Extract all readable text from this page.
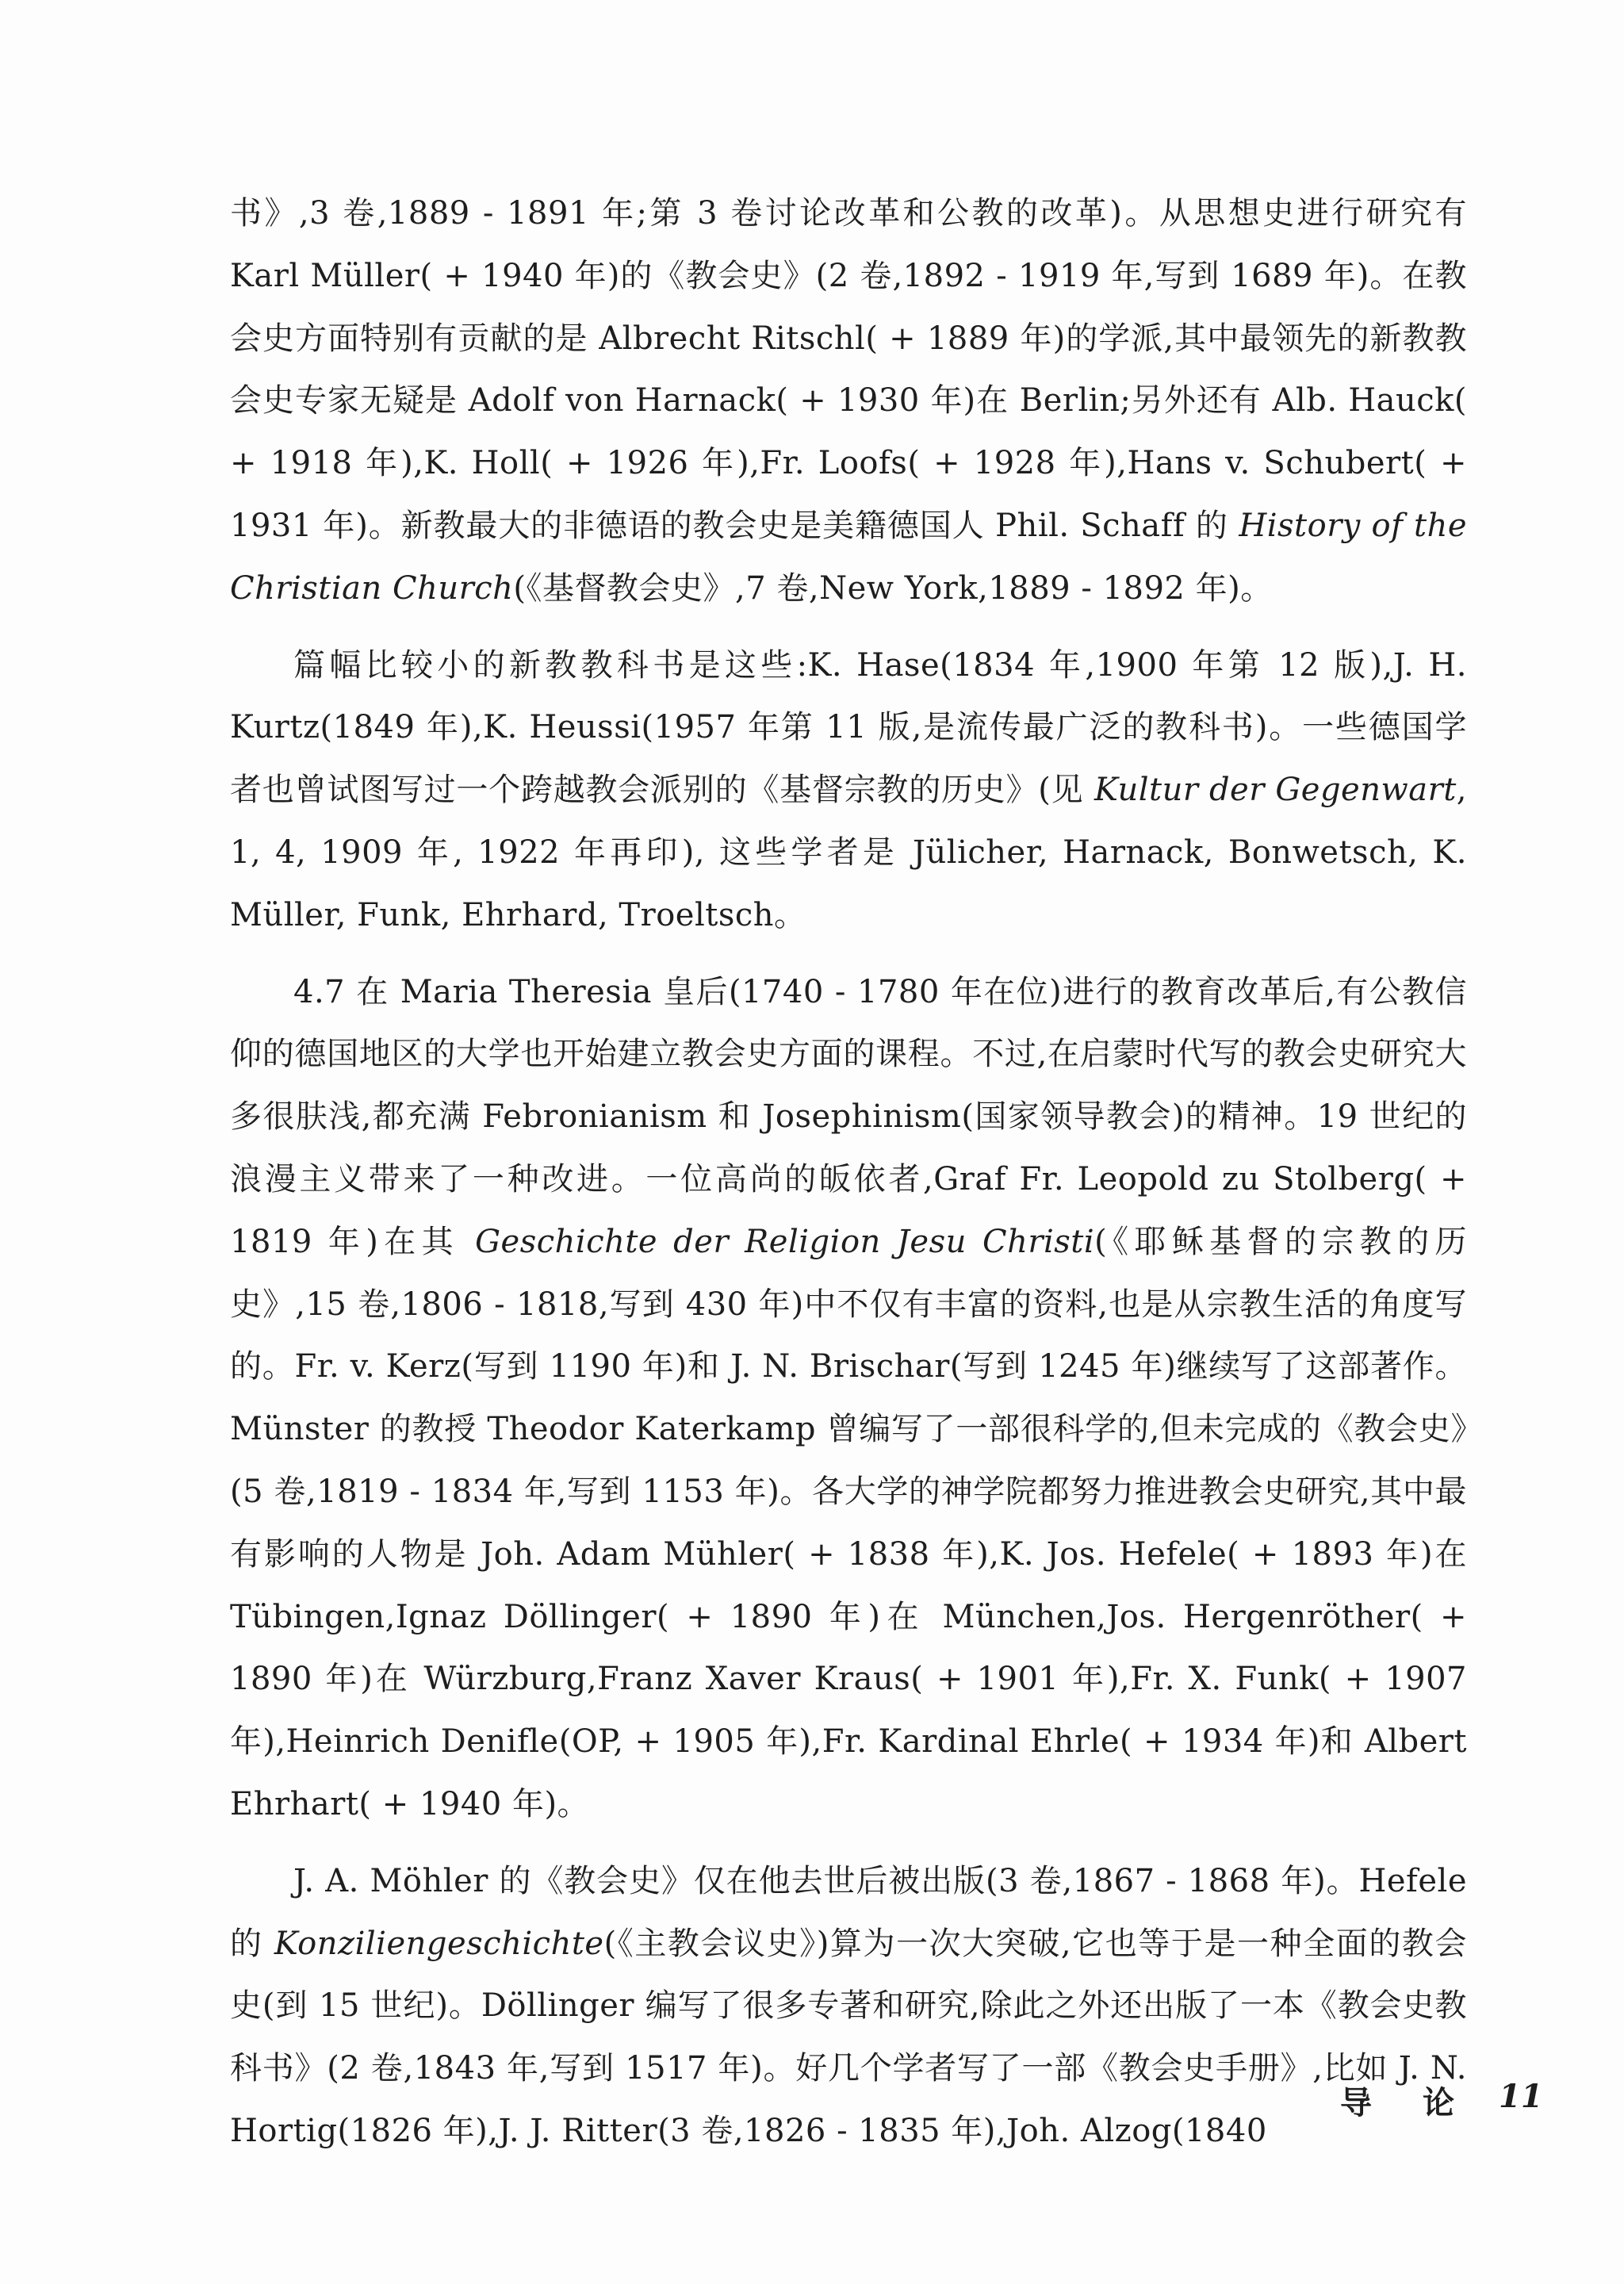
书》,3 卷,1889 - 1891 年;第 3 卷讨论改革和公教的改革)。从思想史进行研究有 Karl Müller( + 1940 年)的《教会史》(2 卷,1892 - 1919 年,写到 1689 年)。在教会史方面特别有贡献的是 Albrecht Ritschl( + 1889 年)的学派,其中最领先的新教教会史专家无疑是 Adolf von Harnack( + 1930 年)在 Berlin;另外还有 Alb. Hauck( + 1918 年),K. Holl( + 1926 年),Fr. Loofs( + 1928 年),Hans v. Schubert( + 1931 年)。新教最大的非德语的教会史是美籍德国人 Phil. Schaff 的 History of the Christian Church(《基督教会史》,7 卷,New York,1889 - 1892 年)。

篇幅比较小的新教教科书是这些:K. Hase(1834 年,1900 年第 12 版),J. H. Kurtz(1849 年),K. Heussi(1957 年第 11 版,是流传最广泛的教科书)。一些德国学者也曾试图写过一个跨越教会派别的《基督宗教的历史》(见 Kultur der Gegenwart, 1, 4, 1909 年, 1922 年再印), 这些学者是 Jülicher, Harnack, Bonwetsch, K. Müller, Funk, Ehrhard, Troeltsch。

4.7 在 Maria Theresia 皇后(1740 - 1780 年在位)进行的教育改革后,有公教信仰的德国地区的大学也开始建立教会史方面的课程。不过,在启蒙时代写的教会史研究大多很肤浅,都充满 Febronianism 和 Josephinism(国家领导教会)的精神。19 世纪的浪漫主义带来了一种改进。一位高尚的皈依者,Graf Fr. Leopold zu Stolberg( + 1819 年)在其 Geschichte der Religion Jesu Christi(《耶稣基督的宗教的历史》,15 卷,1806 - 1818,写到 430 年)中不仅有丰富的资料,也是从宗教生活的角度写的。Fr. v. Kerz(写到 1190 年)和 J. N. Brischar(写到 1245 年)继续写了这部著作。Münster 的教授 Theodor Katerkamp 曾编写了一部很科学的,但未完成的《教会史》(5 卷,1819 - 1834 年,写到 1153 年)。各大学的神学院都努力推进教会史研究,其中最有影响的人物是 Joh. Adam Mühler( + 1838 年),K. Jos. Hefele( + 1893 年)在 Tübingen,Ignaz Döllinger( + 1890 年)在 München,Jos. Hergenröther( + 1890 年)在 Würzburg,Franz Xaver Kraus( + 1901 年),Fr. X. Funk( + 1907 年),Heinrich Denifle(OP, + 1905 年),Fr. Kardinal Ehrle( + 1934 年)和 Albert Ehrhart( + 1940 年)。

J. A. Möhler 的《教会史》仅在他去世后被出版(3 卷,1867 - 1868 年)。Hefele 的 Konziliengeschichte(《主教会议史》)算为一次大突破,它也等于是一种全面的教会史(到 15 世纪)。Döllinger 编写了很多专著和研究,除此之外还出版了一本《教会史教科书》(2 卷,1843 年,写到 1517 年)。好几个学者写了一部《教会史手册》,比如 J. N. Hortig(1826 年),J. J. Ritter(3 卷,1826 - 1835 年),Joh. Alzog(1840

导论
11
